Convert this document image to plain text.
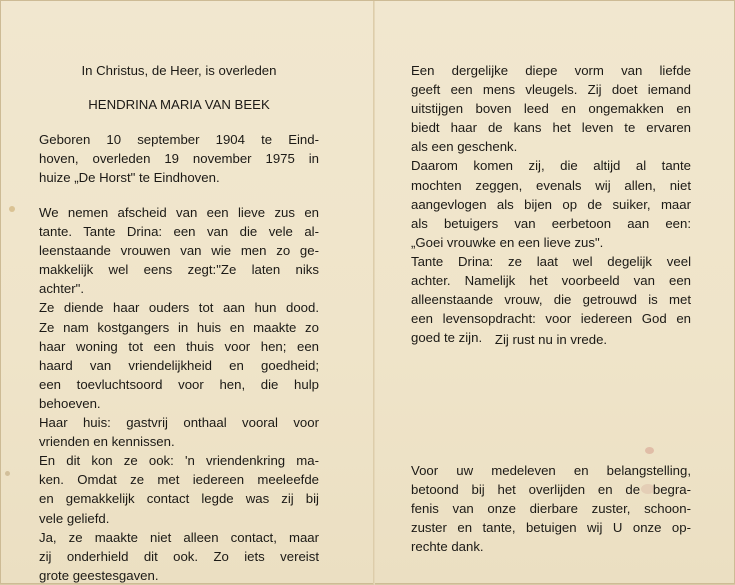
In Christus, de Heer, is overleden
HENDRINA MARIA VAN BEEK
Geboren 10 september 1904 te Eind-
hoven, overleden 19 november 1975 in
huize „De Horst" te Eindhoven.
We nemen afscheid van een lieve zus en
tante. Tante Drina: een van die vele al-
leenstaande vrouwen van wie men zo ge-
makkelijk wel eens zegt:"Ze laten niks
achter".
Ze diende haar ouders tot aan hun dood.
Ze nam kostgangers in huis en maakte zo
haar woning tot een thuis voor hen; een
haard van vriendelijkheid en goedheid;
een toevluchtsoord voor hen, die hulp
behoeven.
Haar huis: gastvrij onthaal vooral voor
vrienden en kennissen.
En dit kon ze ook: 'n vriendenkring ma-
ken. Omdat ze met iedereen meeleefde
en gemakkelijk contact legde was zij bij
vele geliefd.
Ja, ze maakte niet alleen contact, maar
zij onderhield dit ook. Zo iets vereist
grote geestesgaven.
Een dergelijke diepe vorm van liefde
geeft een mens vleugels. Zij doet iemand
uitstijgen boven leed en ongemakken en
biedt haar de kans het leven te ervaren
als een geschenk.
Daarom komen zij, die altijd al tante
mochten zeggen, evenals wij allen, niet
aangevlogen als bijen op de suiker, maar
als betuigers van eerbetoon aan een:
„Goei vrouwke en een lieve zus".
Tante Drina: ze laat wel degelijk veel
achter. Namelijk het voorbeeld van een
alleenstaande vrouw, die getrouwd is met
een levensopdracht: voor iedereen God en
goed te zijn. Zij rust nu in vrede.
Voor uw medeleven en belangstelling,
betoond bij het overlijden en de begra-
fenis van onze dierbare zuster, schoon-
zuster en tante, betuigen wij U onze op-
rechte dank.
